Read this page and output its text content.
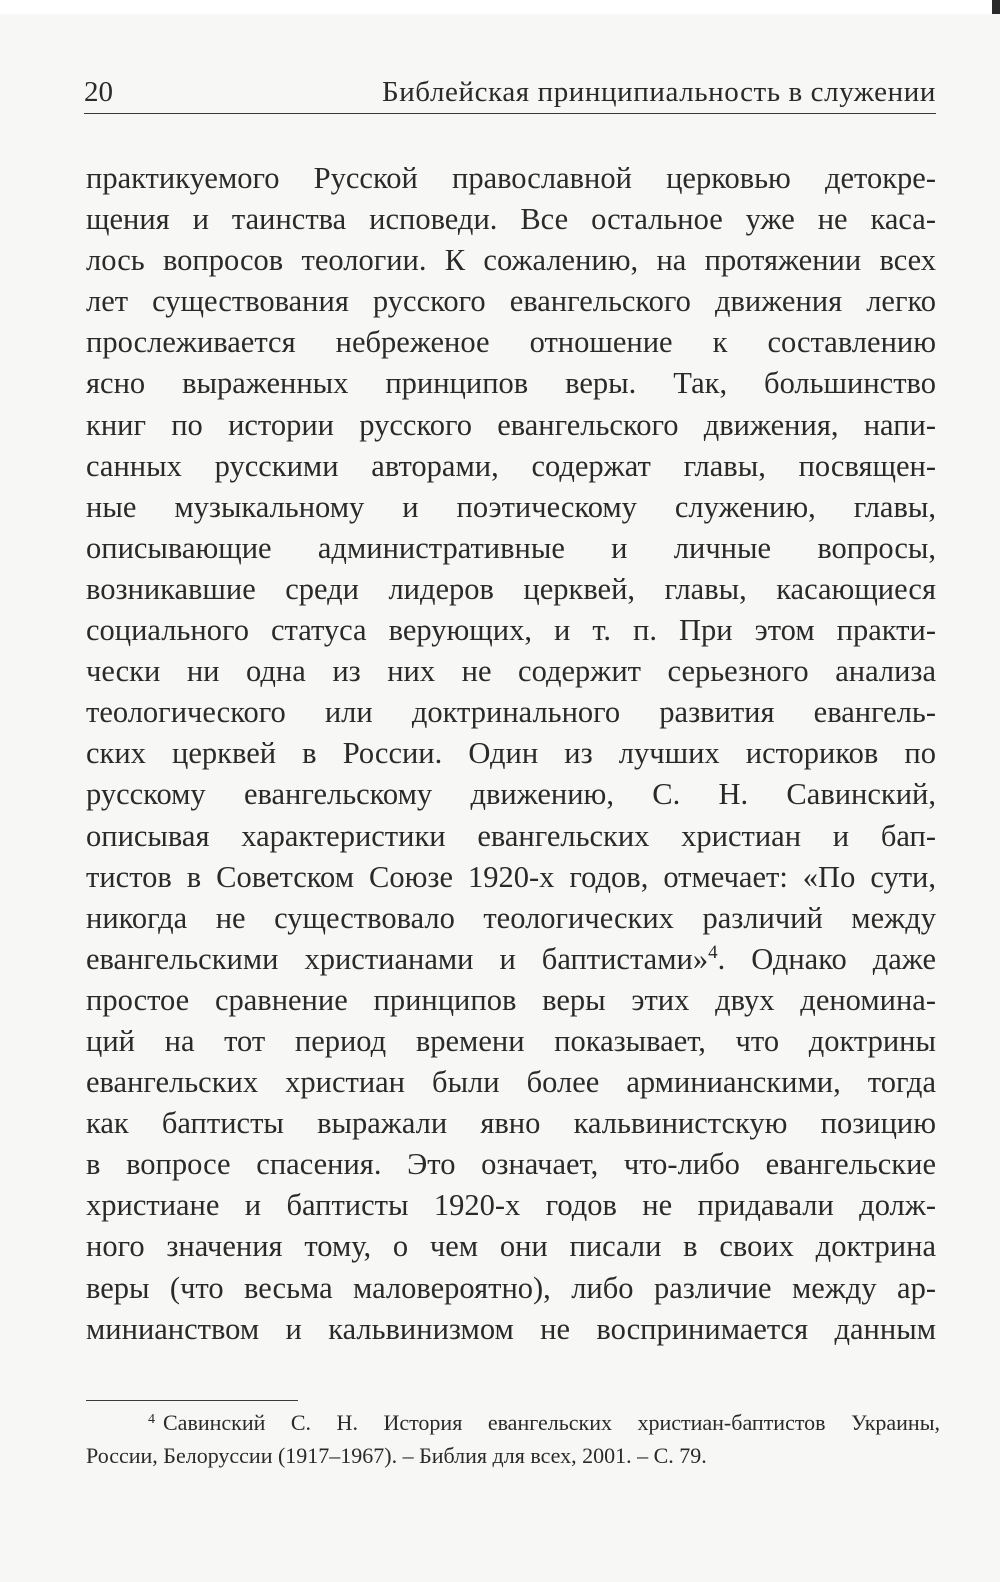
20	Библейская принципиальность в служении
практикуемого Русской православной церковью детокре-
щения и таинства исповеди. Все остальное уже не каса-
лось вопросов теологии. К сожалению, на протяжении всех
лет существования русского евангельского движения легко
прослеживается небреженое отношение к составлению
ясно выраженных принципов веры. Так, большинство
книг по истории русского евангельского движения, напи-
санных русскими авторами, содержат главы, посвящен-
ные музыкальному и поэтическому служению, главы,
описывающие административные и личные вопросы,
возникавшие среди лидеров церквей, главы, касающиеся
социального статуса верующих, и т. п. При этом практи-
чески ни одна из них не содержит серьезного анализа
теологического или доктринального развития евангель-
ских церквей в России. Один из лучших историков по
русскому евангельскому движению, С. Н. Савинский,
описывая характеристики евангельских христиан и бап-
тистов в Советском Союзе 1920-х годов, отмечает: «По сути,
никогда не существовало теологических различий между
евангельскими христианами и баптистами»$^4$. Однако даже
простое сравнение принципов веры этих двух деномина-
ций на тот период времени показывает, что доктрины
евангельских христиан были более арминианскими, тогда
как баптисты выражали явно кальвинистскую позицию
в вопросе спасения. Это означает, что-либо евангельские
христиане и баптисты 1920-х годов не придавали долж-
ного значения тому, о чем они писали в своих доктрина
веры (что весьма маловероятно), либо различие между ар-
минианством и кальвинизмом не воспринимается данным
$^4$ Савинский С. Н. История евангельских христиан-баптистов Украины,
России, Белоруссии (1917–1967). – Библия для всех, 2001. – С. 79.
